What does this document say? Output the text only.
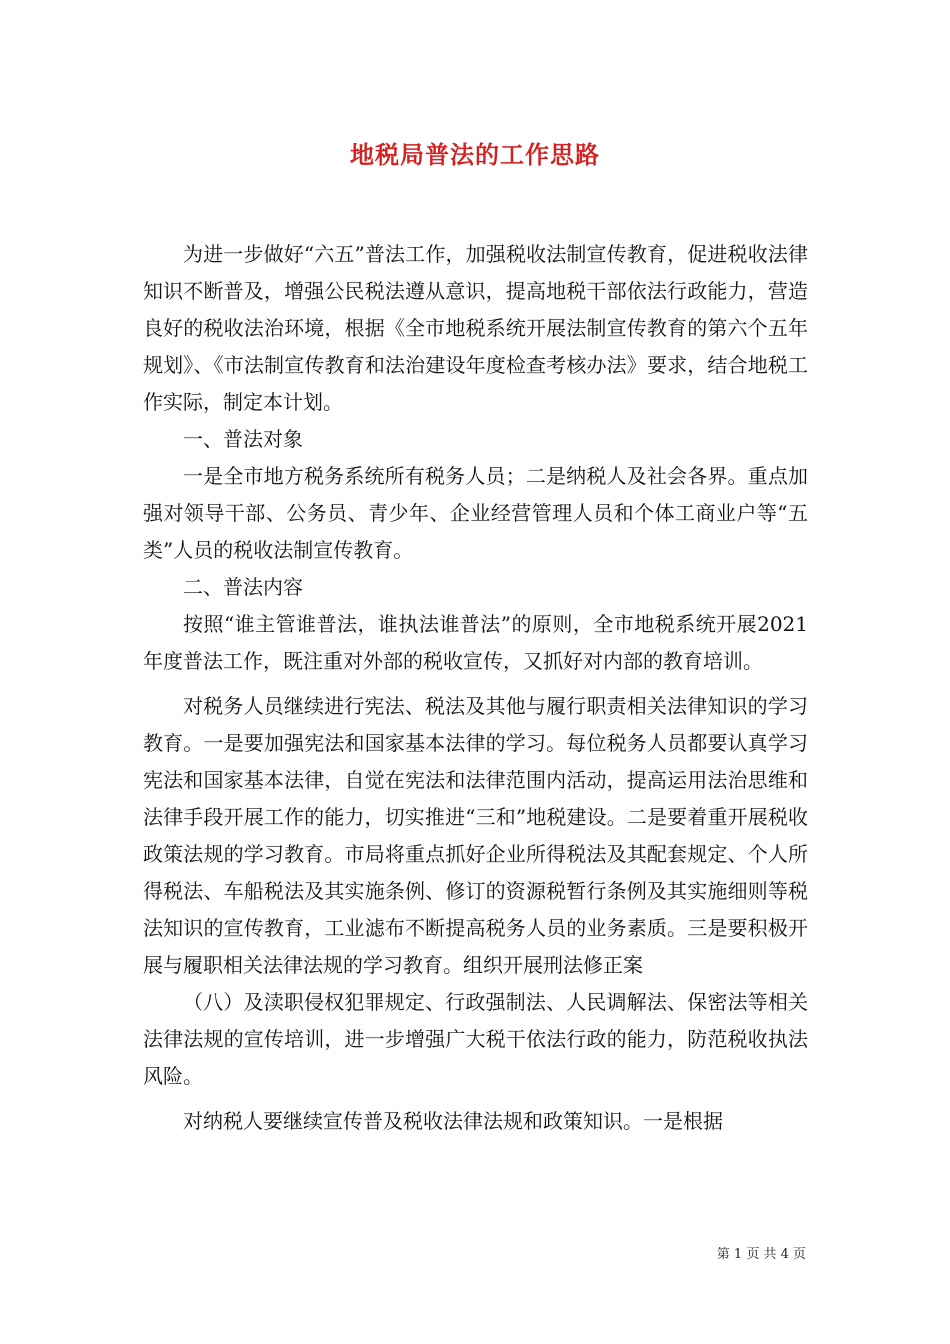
地税局普法的工作思路

为进一步做好“六五”普法工作，加强税收法制宣传教育，促进税收法律知识不断普及，增强公民税法遵从意识，提高地税干部依法行政能力，营造良好的税收法治环境，根据《全市地税系统开展法制宣传教育的第六个五年规划》、《市法制宣传教育和法治建设年度检查考核办法》要求，结合地税工作实际，制定本计划。

一、普法对象

一是全市地方税务系统所有税务人员；二是纳税人及社会各界。重点加强对领导干部、公务员、青少年、企业经营管理人员和个体工商业户等“五类”人员的税收法制宣传教育。

二、普法内容

按照“谁主管谁普法，谁执法谁普法”的原则，全市地税系统开展2021年度普法工作，既注重对外部的税收宣传，又抓好对内部的教育培训。

对税务人员继续进行宪法、税法及其他与履行职责相关法律知识的学习教育。一是要加强宪法和国家基本法律的学习。每位税务人员都要认真学习宪法和国家基本法律，自觉在宪法和法律范围内活动，提高运用法治思维和法律手段开展工作的能力，切实推进“三和”地税建设。二是要着重开展税收政策法规的学习教育。市局将重点抓好企业所得税法及其配套规定、个人所得税法、车船税法及其实施条例、修订的资源税暂行条例及其实施细则等税法知识的宣传教育，工业滤布不断提高税务人员的业务素质。三是要积极开展与履职相关法律法规的学习教育。组织开展刑法修正案

（八）及渎职侵权犯罪规定、行政强制法、人民调解法、保密法等相关法律法规的宣传培训，进一步增强广大税干依法行政的能力，防范税收执法风险。

对纳税人要继续宣传普及税收法律法规和政策知识。一是根据

第 1 页 共 4 页
